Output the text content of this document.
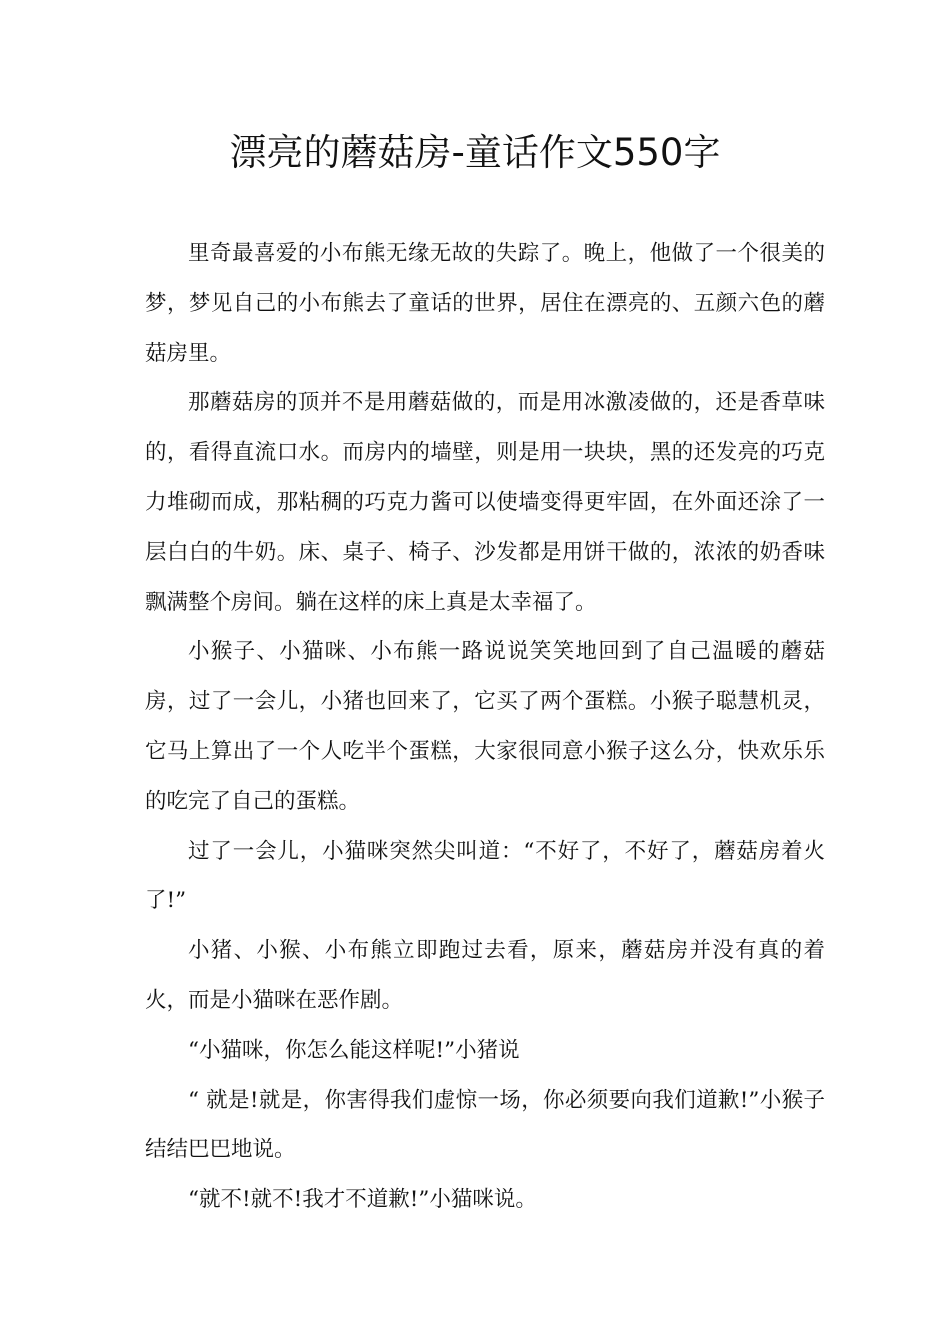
漂亮的蘑菇房-童话作文550字

里奇最喜爱的小布熊无缘无故的失踪了。晚上，他做了一个很美的梦，梦见自己的小布熊去了童话的世界，居住在漂亮的、五颜六色的蘑菇房里。

那蘑菇房的顶并不是用蘑菇做的，而是用冰激凌做的，还是香草味的，看得直流口水。而房内的墙壁，则是用一块块，黑的还发亮的巧克力堆砌而成，那粘稠的巧克力酱可以使墙变得更牢固，在外面还涂了一层白白的牛奶。床、桌子、椅子、沙发都是用饼干做的，浓浓的奶香味飘满整个房间。躺在这样的床上真是太幸福了。

小猴子、小猫咪、小布熊一路说说笑笑地回到了自己温暖的蘑菇房，过了一会儿，小猪也回来了，它买了两个蛋糕。小猴子聪慧机灵，它马上算出了一个人吃半个蛋糕，大家很同意小猴子这么分，快欢乐乐的吃完了自己的蛋糕。

过了一会儿，小猫咪突然尖叫道：“不好了，不好了，蘑菇房着火了!”

小猪、小猴、小布熊立即跑过去看，原来，蘑菇房并没有真的着火，而是小猫咪在恶作剧。

“小猫咪，你怎么能这样呢!”小猪说

“ 就是!就是，你害得我们虚惊一场，你必须要向我们道歉!”小猴子结结巴巴地说。

“就不!就不!我才不道歉!”小猫咪说。
